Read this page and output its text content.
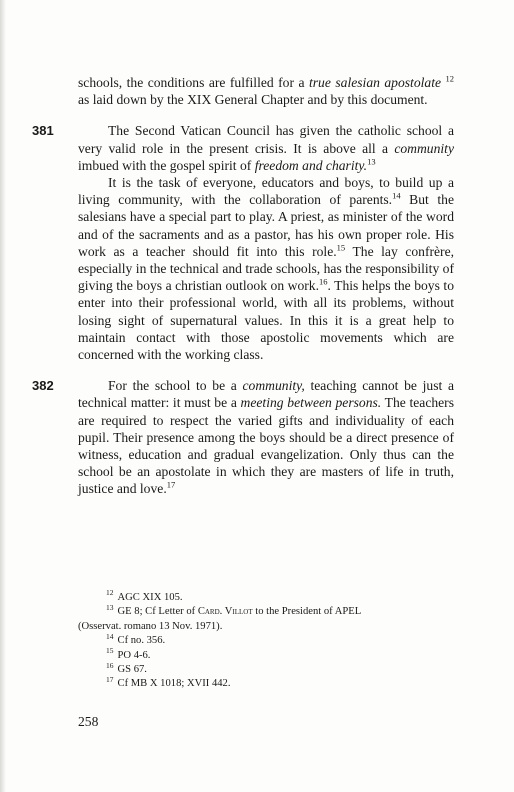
schools, the conditions are fulfilled for a true salesian apostolate $^{12}$ as laid down by the XIX General Chapter and by this document.

381	The Second Vatican Council has given the catholic school a very valid role in the present crisis. It is above all a community imbued with the gospel spirit of freedom and charity.$^{13}$

It is the task of everyone, educators and boys, to build up a living community, with the collaboration of parents.$^{14}$ But the salesians have a special part to play. A priest, as minister of the word and of the sacraments and as a pastor, has his own proper role. His work as a teacher should fit into this role.$^{15}$ The lay confrère, especially in the technical and trade schools, has the responsibility of giving the boys a christian outlook on work.$^{16}$. This helps the boys to enter into their professional world, with all its problems, without losing sight of supernatural values. In this it is a great help to maintain contact with those apostolic movements which are concerned with the working class.

382	For the school to be a community, teaching cannot be just a technical matter: it must be a meeting between persons. The teachers are required to respect the varied gifts and individuality of each pupil. Their presence among the boys should be a direct presence of witness, education and gradual evangelization. Only thus can the school be an apostolate in which they are masters of life in truth, justice and love.$^{17}$
$^{12}$ AGC XIX 105.
$^{13}$ GE 8; Cf Letter of Card. Villot to the President of APEL
(Osservat. romano 13 Nov. 1971).
$^{14}$ Cf no. 356.
$^{15}$ PO 4-6.
$^{16}$ GS 67.
$^{17}$ Cf MB X 1018; XVII 442.
258
